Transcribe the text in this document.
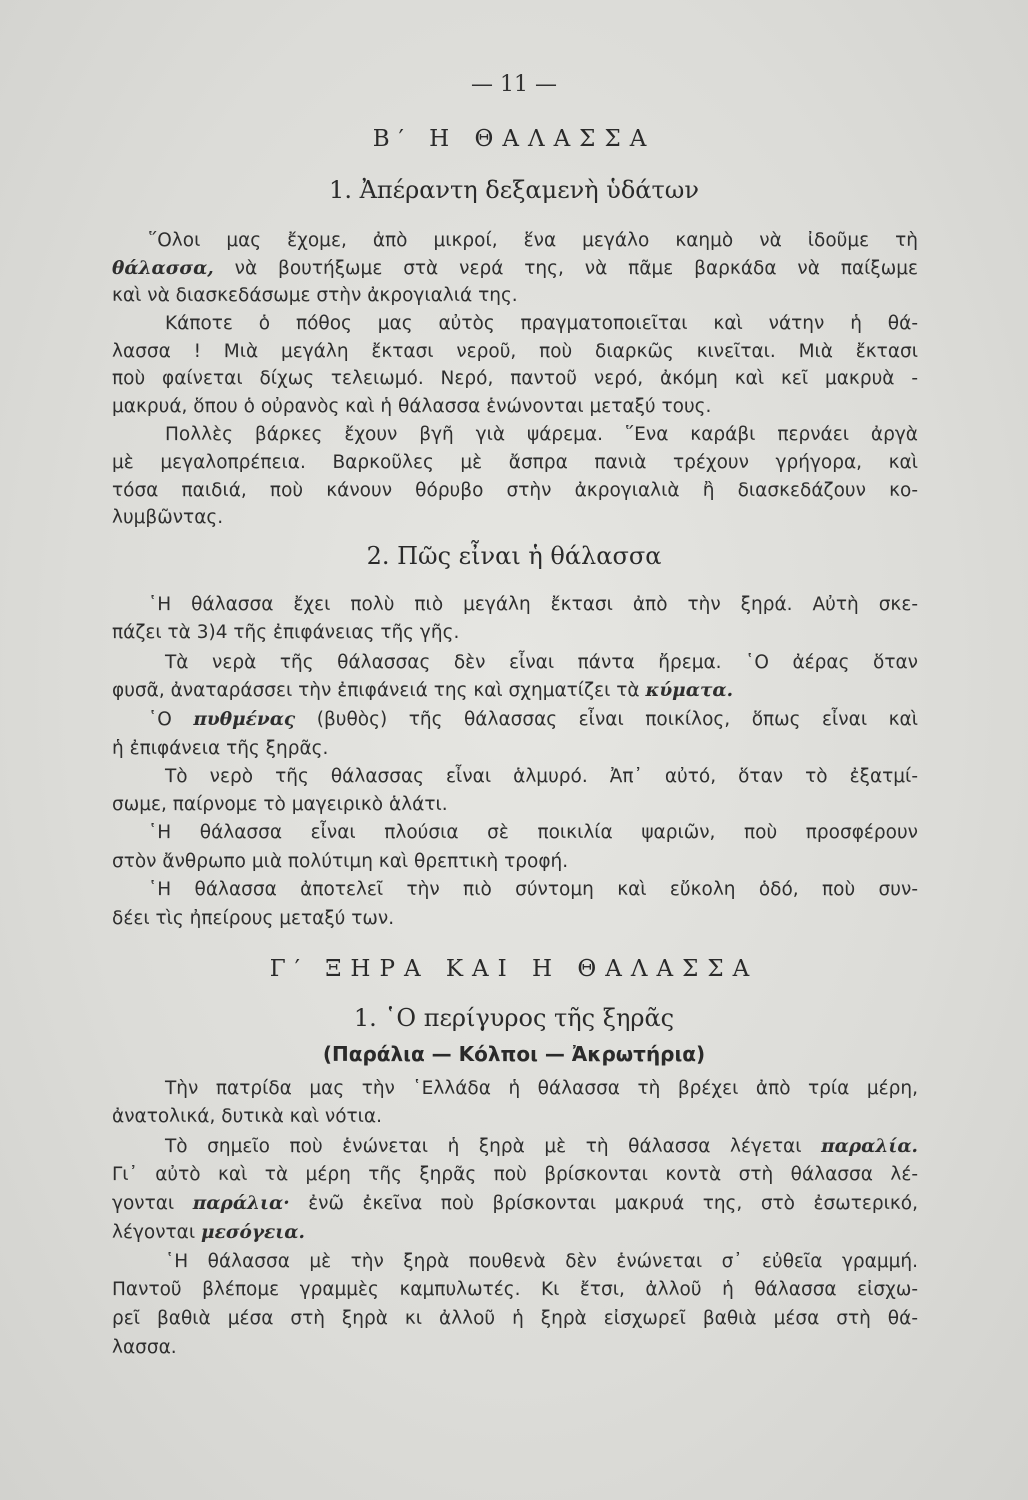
— 11 —
Β′ Η ΘΑΛΑΣΣΑ
1. Ἀπέραντη δεξαμενὴ ὑδάτων
῞Ολοι μας ἔχομε, ἀπὸ μικροί, ἕνα μεγάλο καημὸ νὰ ἰδοῦμε τὴ
θάλασσα, νὰ βουτήξωμε στὰ νερά της, νὰ πᾶμε βαρκάδα νὰ παίξωμε
καὶ νὰ διασκεδάσωμε στὴν ἀκρογιαλιά της.
Κάποτε ὁ πόθος μας αὐτὸς πραγματοποιεῖται καὶ νάτην ἡ θά-
λασσα ! Μιὰ μεγάλη ἔκτασι νεροῦ, ποὺ διαρκῶς κινεῖται. Μιὰ ἔκτασι
ποὺ φαίνεται δίχως τελειωμό. Νερό, παντοῦ νερό, ἀκόμη καὶ κεῖ μακρυὰ -
μακρυά, ὅπου ὁ οὐρανὸς καὶ ἡ θάλασσα ἑνώνονται μεταξύ τους.
Πολλὲς βάρκες ἔχουν βγῆ γιὰ ψάρεμα. ῞Ενα καράβι περνάει ἀργὰ
μὲ μεγαλοπρέπεια. Βαρκοῦλες μὲ ἄσπρα πανιὰ τρέχουν γρήγορα, καὶ
τόσα παιδιά, ποὺ κάνουν θόρυβο στὴν ἀκρογιαλιὰ ἢ διασκεδάζουν κο-
λυμβῶντας.
2. Πῶς εἶναι ἡ θάλασσα
῾Η θάλασσα ἔχει πολὺ πιὸ μεγάλη ἔκτασι ἀπὸ τὴν ξηρά. Αὐτὴ σκε-
πάζει τὰ 3)4 τῆς ἐπιφάνειας τῆς γῆς.
Τὰ νερὰ τῆς θάλασσας δὲν εἶναι πάντα ἤρεμα. ῾Ο ἀέρας ὅταν
φυσᾶ, ἀναταράσσει τὴν ἐπιφάνειά της καὶ σχηματίζει τὰ κύματα.
῾Ο πυθμένας (βυθὸς) τῆς θάλασσας εἶναι ποικίλος, ὅπως εἶναι καὶ
ἡ ἐπιφάνεια τῆς ξηρᾶς.
Τὸ νερὸ τῆς θάλασσας εἶναι ἁλμυρό. Ἀπ᾽ αὐτό, ὅταν τὸ ἐξατμί-
σωμε, παίρνομε τὸ μαγειρικὸ ἁλάτι.
῾Η θάλασσα εἶναι πλούσια σὲ ποικιλία ψαριῶν, ποὺ προσφέρουν
στὸν ἄνθρωπο μιὰ πολύτιμη καὶ θρεπτικὴ τροφή.
῾Η θάλασσα ἀποτελεῖ τὴν πιὸ σύντομη καὶ εὔκολη ὁδό, ποὺ συν-
δέει τὶς ἠπείρους μεταξύ των.
Γ′ ΞΗΡΑ ΚΑΙ Η ΘΑΛΑΣΣΑ
1. ῾Ο περίγυρος τῆς ξηρᾶς
(Παράλια — Κόλποι — Ἀκρωτήρια)
Τὴν πατρίδα μας τὴν ῾Ελλάδα ἡ θάλασσα τὴ βρέχει ἀπὸ τρία μέρη,
ἀνατολικά, δυτικὰ καὶ νότια.
Τὸ σημεῖο ποὺ ἑνώνεται ἡ ξηρὰ μὲ τὴ θάλασσα λέγεται παραλία.
Γι᾽ αὐτὸ καὶ τὰ μέρη τῆς ξηρᾶς ποὺ βρίσκονται κοντὰ στὴ θάλασσα λέ-
γονται παράλια· ἐνῶ ἐκεῖνα ποὺ βρίσκονται μακρυά της, στὸ ἐσωτερικό,
λέγονται μεσόγεια.
῾Η θάλασσα μὲ τὴν ξηρὰ πουθενὰ δὲν ἑνώνεται σ᾽ εὐθεῖα γραμμή.
Παντοῦ βλέπομε γραμμὲς καμπυλωτές. Κι ἔτσι, ἀλλοῦ ἡ θάλασσα εἰσχω-
ρεῖ βαθιὰ μέσα στὴ ξηρὰ κι ἀλλοῦ ἡ ξηρὰ εἰσχωρεῖ βαθιὰ μέσα στὴ θά-
λασσα.
